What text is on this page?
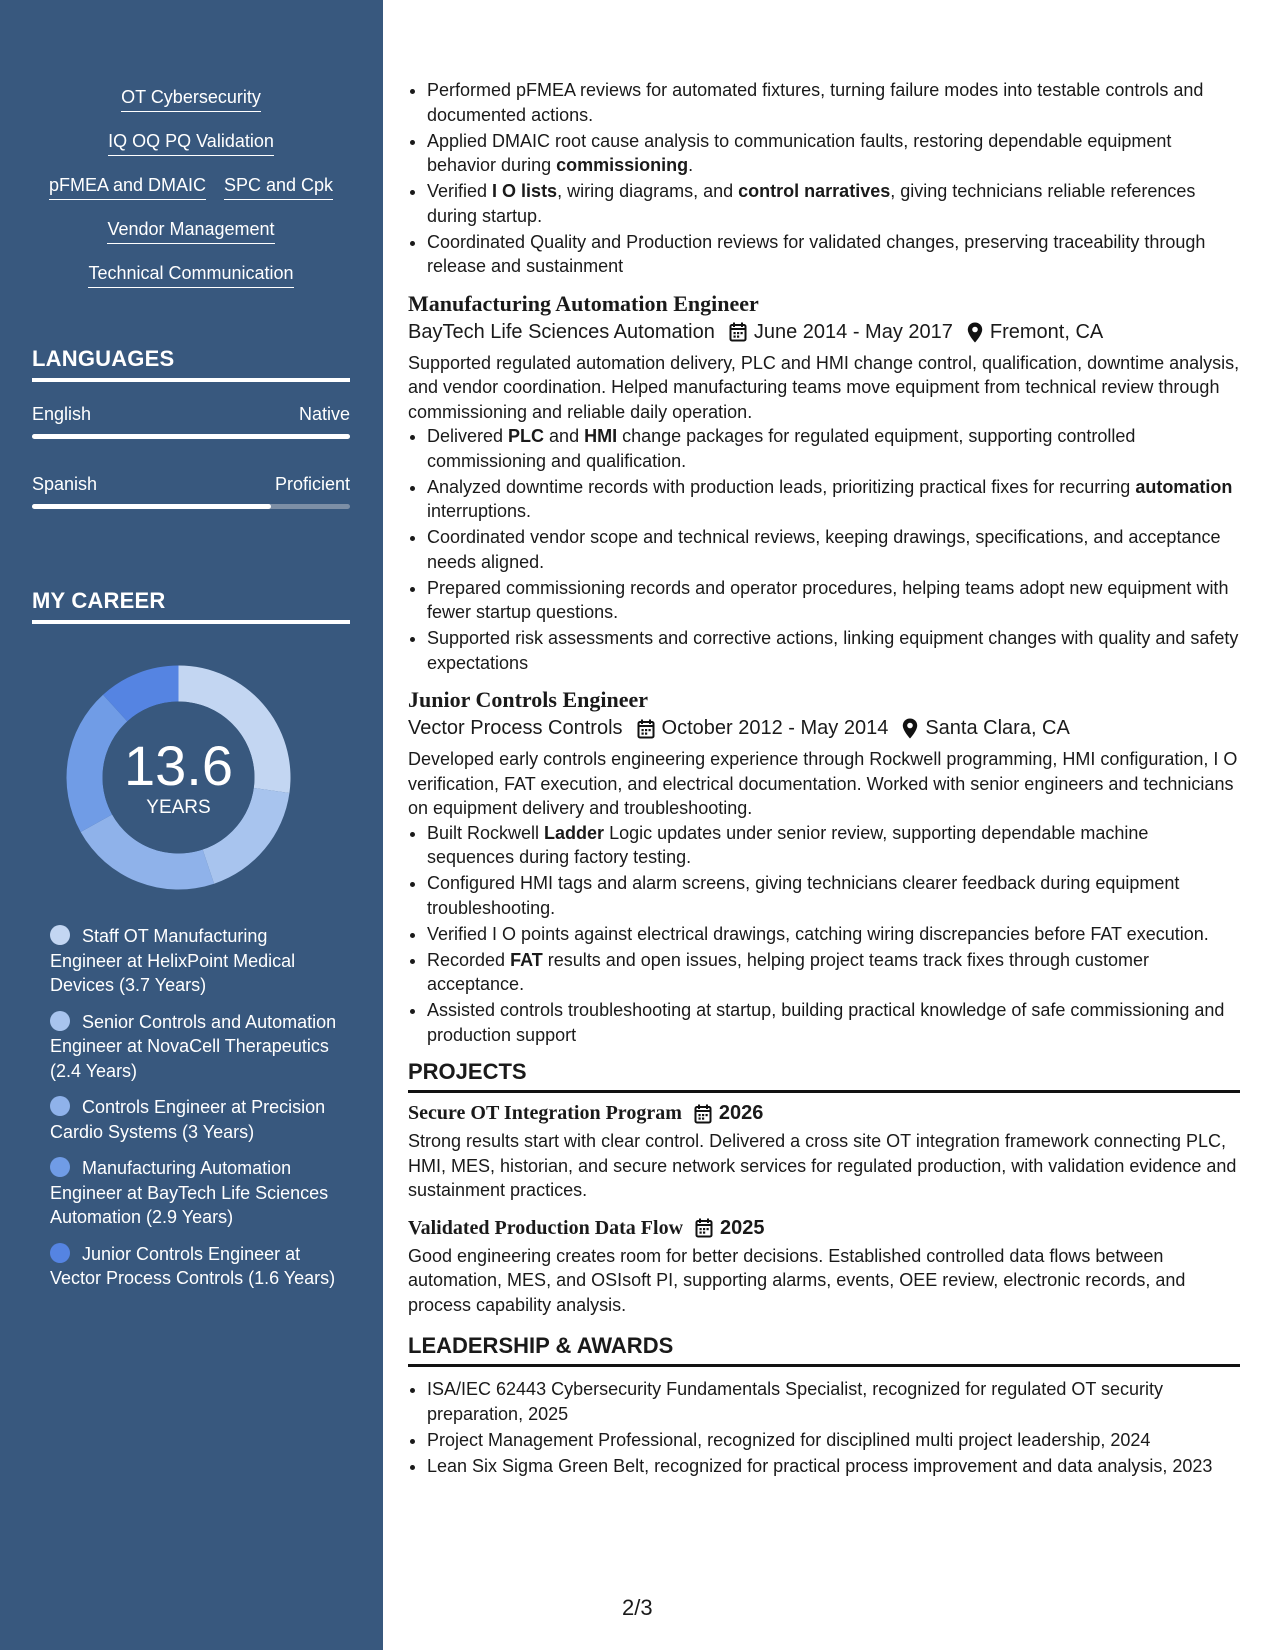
OT Cybersecurity
IQ OQ PQ Validation
pFMEA and DMAIC SPC and Cpk
Vendor Management
Technical Communication
LANGUAGES
English	Native
Spanish	Proficient
MY CAREER
13.6
YEARS
Staff OT Manufacturing Engineer at HelixPoint Medical Devices (3.7 Years)
Senior Controls and Automation Engineer at NovaCell Therapeutics (2.4 Years)
Controls Engineer at Precision Cardio Systems (3 Years)
Manufacturing Automation Engineer at BayTech Life Sciences Automation (2.9 Years)
Junior Controls Engineer at Vector Process Controls (1.6 Years)
• Performed pFMEA reviews for automated fixtures, turning failure modes into testable controls and documented actions.
• Applied DMAIC root cause analysis to communication faults, restoring dependable equipment behavior during commissioning.
• Verified I O lists, wiring diagrams, and control narratives, giving technicians reliable references during startup.
• Coordinated Quality and Production reviews for validated changes, preserving traceability through release and sustainment
Manufacturing Automation Engineer
BayTech Life Sciences Automation June 2014 - May 2017 Fremont, CA
Supported regulated automation delivery, PLC and HMI change control, qualification, downtime analysis, and vendor coordination. Helped manufacturing teams move equipment from technical review through commissioning and reliable daily operation.
• Delivered PLC and HMI change packages for regulated equipment, supporting controlled commissioning and qualification.
• Analyzed downtime records with production leads, prioritizing practical fixes for recurring automation interruptions.
• Coordinated vendor scope and technical reviews, keeping drawings, specifications, and acceptance needs aligned.
• Prepared commissioning records and operator procedures, helping teams adopt new equipment with fewer startup questions.
• Supported risk assessments and corrective actions, linking equipment changes with quality and safety expectations
Junior Controls Engineer
Vector Process Controls October 2012 - May 2014 Santa Clara, CA
Developed early controls engineering experience through Rockwell programming, HMI configuration, I O verification, FAT execution, and electrical documentation. Worked with senior engineers and technicians on equipment delivery and troubleshooting.
• Built Rockwell Ladder Logic updates under senior review, supporting dependable machine sequences during factory testing.
• Configured HMI tags and alarm screens, giving technicians clearer feedback during equipment troubleshooting.
• Verified I O points against electrical drawings, catching wiring discrepancies before FAT execution.
• Recorded FAT results and open issues, helping project teams track fixes through customer acceptance.
• Assisted controls troubleshooting at startup, building practical knowledge of safe commissioning and production support
PROJECTS
Secure OT Integration Program 2026
Strong results start with clear control. Delivered a cross site OT integration framework connecting PLC, HMI, MES, historian, and secure network services for regulated production, with validation evidence and sustainment practices.
Validated Production Data Flow 2025
Good engineering creates room for better decisions. Established controlled data flows between automation, MES, and OSIsoft PI, supporting alarms, events, OEE review, electronic records, and process capability analysis.
LEADERSHIP & AWARDS
• ISA/IEC 62443 Cybersecurity Fundamentals Specialist, recognized for regulated OT security preparation, 2025
• Project Management Professional, recognized for disciplined multi project leadership, 2024
• Lean Six Sigma Green Belt, recognized for practical process improvement and data analysis, 2023
2/3
